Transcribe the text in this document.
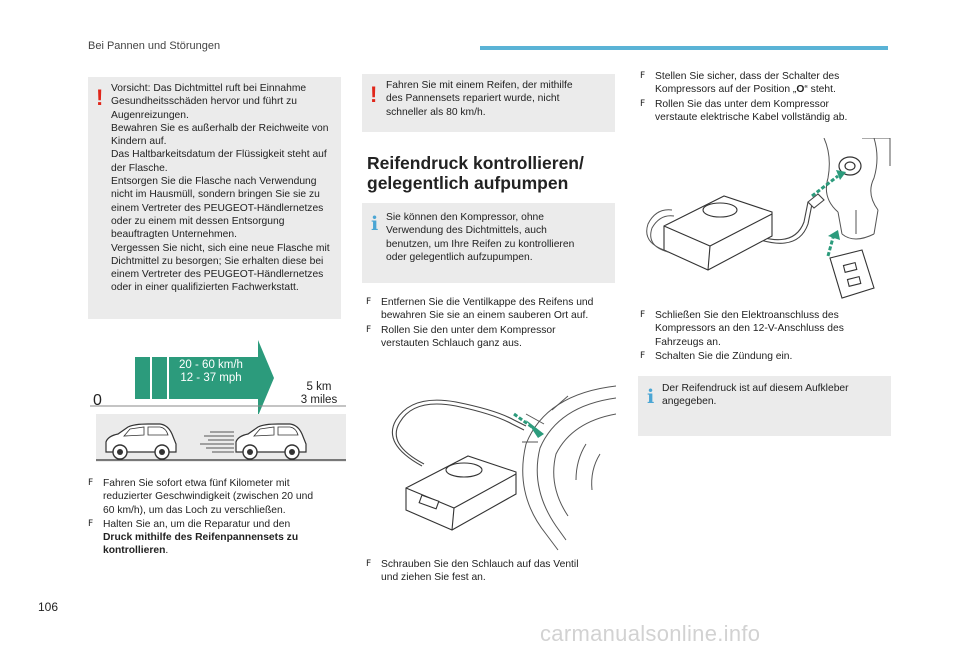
Bei Pannen und Störungen
! Vorsicht: Das Dichtmittel ruft bei Einnahme
Gesundheitsschäden hervor und führt zu
Augenreizungen.
Bewahren Sie es außerhalb der Reichweite von
Kindern auf.
Das Haltbarkeitsdatum der Flüssigkeit steht auf
der Flasche.
Entsorgen Sie die Flasche nach Verwendung
nicht im Hausmüll, sondern bringen Sie sie zu
einem Vertreter des PEUGEOT-Händlernetzes
oder zu einem mit dessen Entsorgung
beauftragten Unternehmen.
Vergessen Sie nicht, sich eine neue Flasche mit
Dichtmittel zu besorgen; Sie erhalten diese bei
einem Vertreter des PEUGEOT-Händlernetzes
oder in einer qualifizierten Fachwerkstatt.

20 - 60 km/h
12 - 37 mph
0
5 km
3 miles
F Fahren Sie sofort etwa fünf Kilometer mit
reduzierter Geschwindigkeit (zwischen 20 und
60 km/h), um das Loch zu verschließen.
F Halten Sie an, um die Reparatur und den
Druck mithilfe des Reifenpannensets zu
kontrollieren.
! Fahren Sie mit einem Reifen, der mithilfe
des Pannensets repariert wurde, nicht
schneller als 80 km/h.

Reifendruck kontrollieren/
gelegentlich aufpumpen
i Sie können den Kompressor, ohne
Verwendung des Dichtmittels, auch
benutzen, um Ihre Reifen zu kontrollieren
oder gelegentlich aufzupumpen.

F Entfernen Sie die Ventilkappe des Reifens und
bewahren Sie sie an einem sauberen Ort auf.
F Rollen Sie den unter dem Kompressor
verstauten Schlauch ganz aus.
F Schrauben Sie den Schlauch auf das Ventil
und ziehen Sie fest an.
F Stellen Sie sicher, dass der Schalter des
Kompressors auf der Position „O“ steht.
F Rollen Sie das unter dem Kompressor
verstaute elektrische Kabel vollständig ab.
F Schließen Sie den Elektroanschluss des
Kompressors an den 12-V-Anschluss des
Fahrzeugs an.
F Schalten Sie die Zündung ein.
i Der Reifendruck ist auf diesem Aufkleber
angegeben.

106
carmanualsonline.info
